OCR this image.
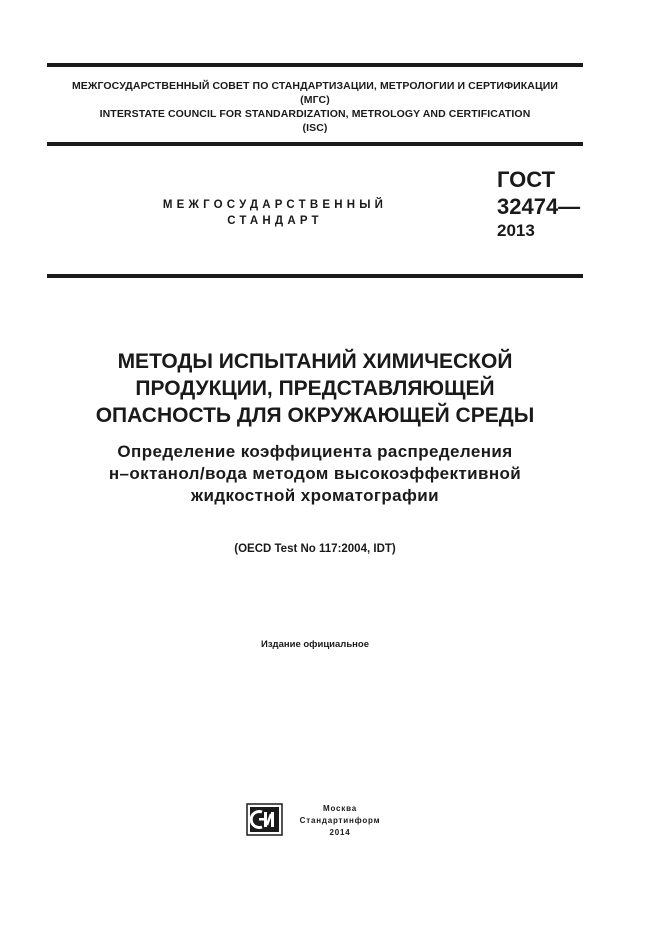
МЕЖГОСУДАРСТВЕННЫЙ СОВЕТ ПО СТАНДАРТИЗАЦИИ, МЕТРОЛОГИИ И СЕРТИФИКАЦИИ
(МГС)
INTERSTATE COUNCIL FOR STANDARDIZATION, METROLOGY AND CERTIFICATION
(ISC)
МЕЖГОСУДАРСТВЕННЫЙ
СТАНДАРТ
ГОСТ
32474—
2013
МЕТОДЫ ИСПЫТАНИЙ ХИМИЧЕСКОЙ
ПРОДУКЦИИ, ПРЕДСТАВЛЯЮЩЕЙ
ОПАСНОСТЬ ДЛЯ ОКРУЖАЮЩЕЙ СРЕДЫ
Определение коэффициента распределения
н–октанол/вода методом высокоэффективной
жидкостной хроматографии
(OECD Test No 117:2004, IDT)
Издание официальное
Москва
Стандартинформ
2014
